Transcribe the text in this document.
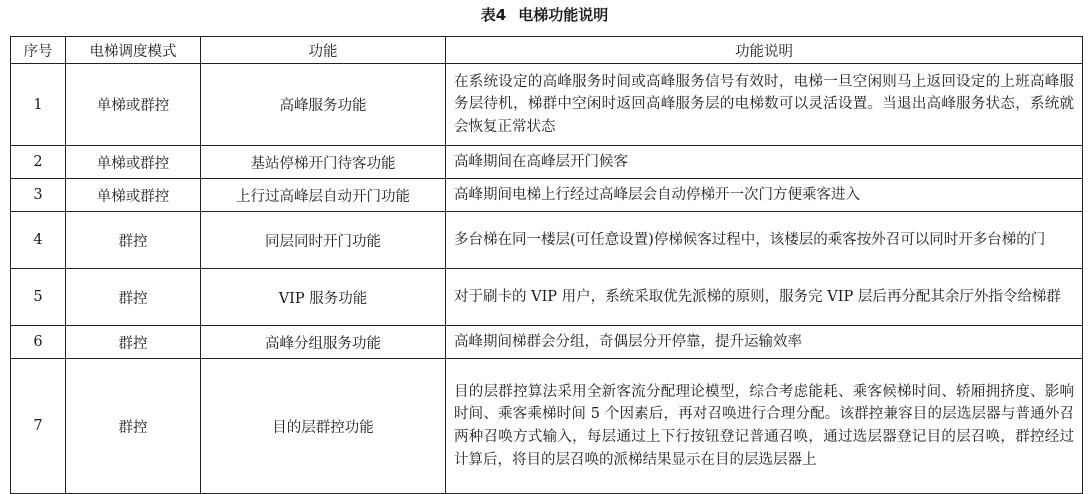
表4 电梯功能说明
序号	电梯调度模式	功能	功能说明
1	单梯或群控	高峰服务功能	在系统设定的高峰服务时间或高峰服务信号有效时，电梯一旦空闲则马上返回设定的上班高峰服务层待机，梯群中空闲时返回高峰服务层的电梯数可以灵活设置。当退出高峰服务状态，系统就会恢复正常状态
2	单梯或群控	基站停梯开门待客功能	高峰期间在高峰层开门候客
3	单梯或群控	上行过高峰层自动开门功能	高峰期间电梯上行经过高峰层会自动停梯开一次门方便乘客进入
4	群控	同层同时开门功能	多台梯在同一楼层(可任意设置)停梯候客过程中，该楼层的乘客按外召可以同时开多台梯的门
5	群控	VIP 服务功能	对于刷卡的 VIP 用户，系统采取优先派梯的原则，服务完 VIP 层后再分配其余厅外指令给梯群
6	群控	高峰分组服务功能	高峰期间梯群会分组，奇偶层分开停靠，提升运输效率
7	群控	目的层群控功能	目的层群控算法采用全新客流分配理论模型，综合考虑能耗、乘客候梯时间、轿厢拥挤度、影响时间、乘客乘梯时间 5 个因素后，再对召唤进行合理分配。该群控兼容目的层选层器与普通外召两种召唤方式输入，每层通过上下行按钮登记普通召唤，通过选层器登记目的层召唤，群控经过计算后，将目的层召唤的派梯结果显示在目的层选层器上
